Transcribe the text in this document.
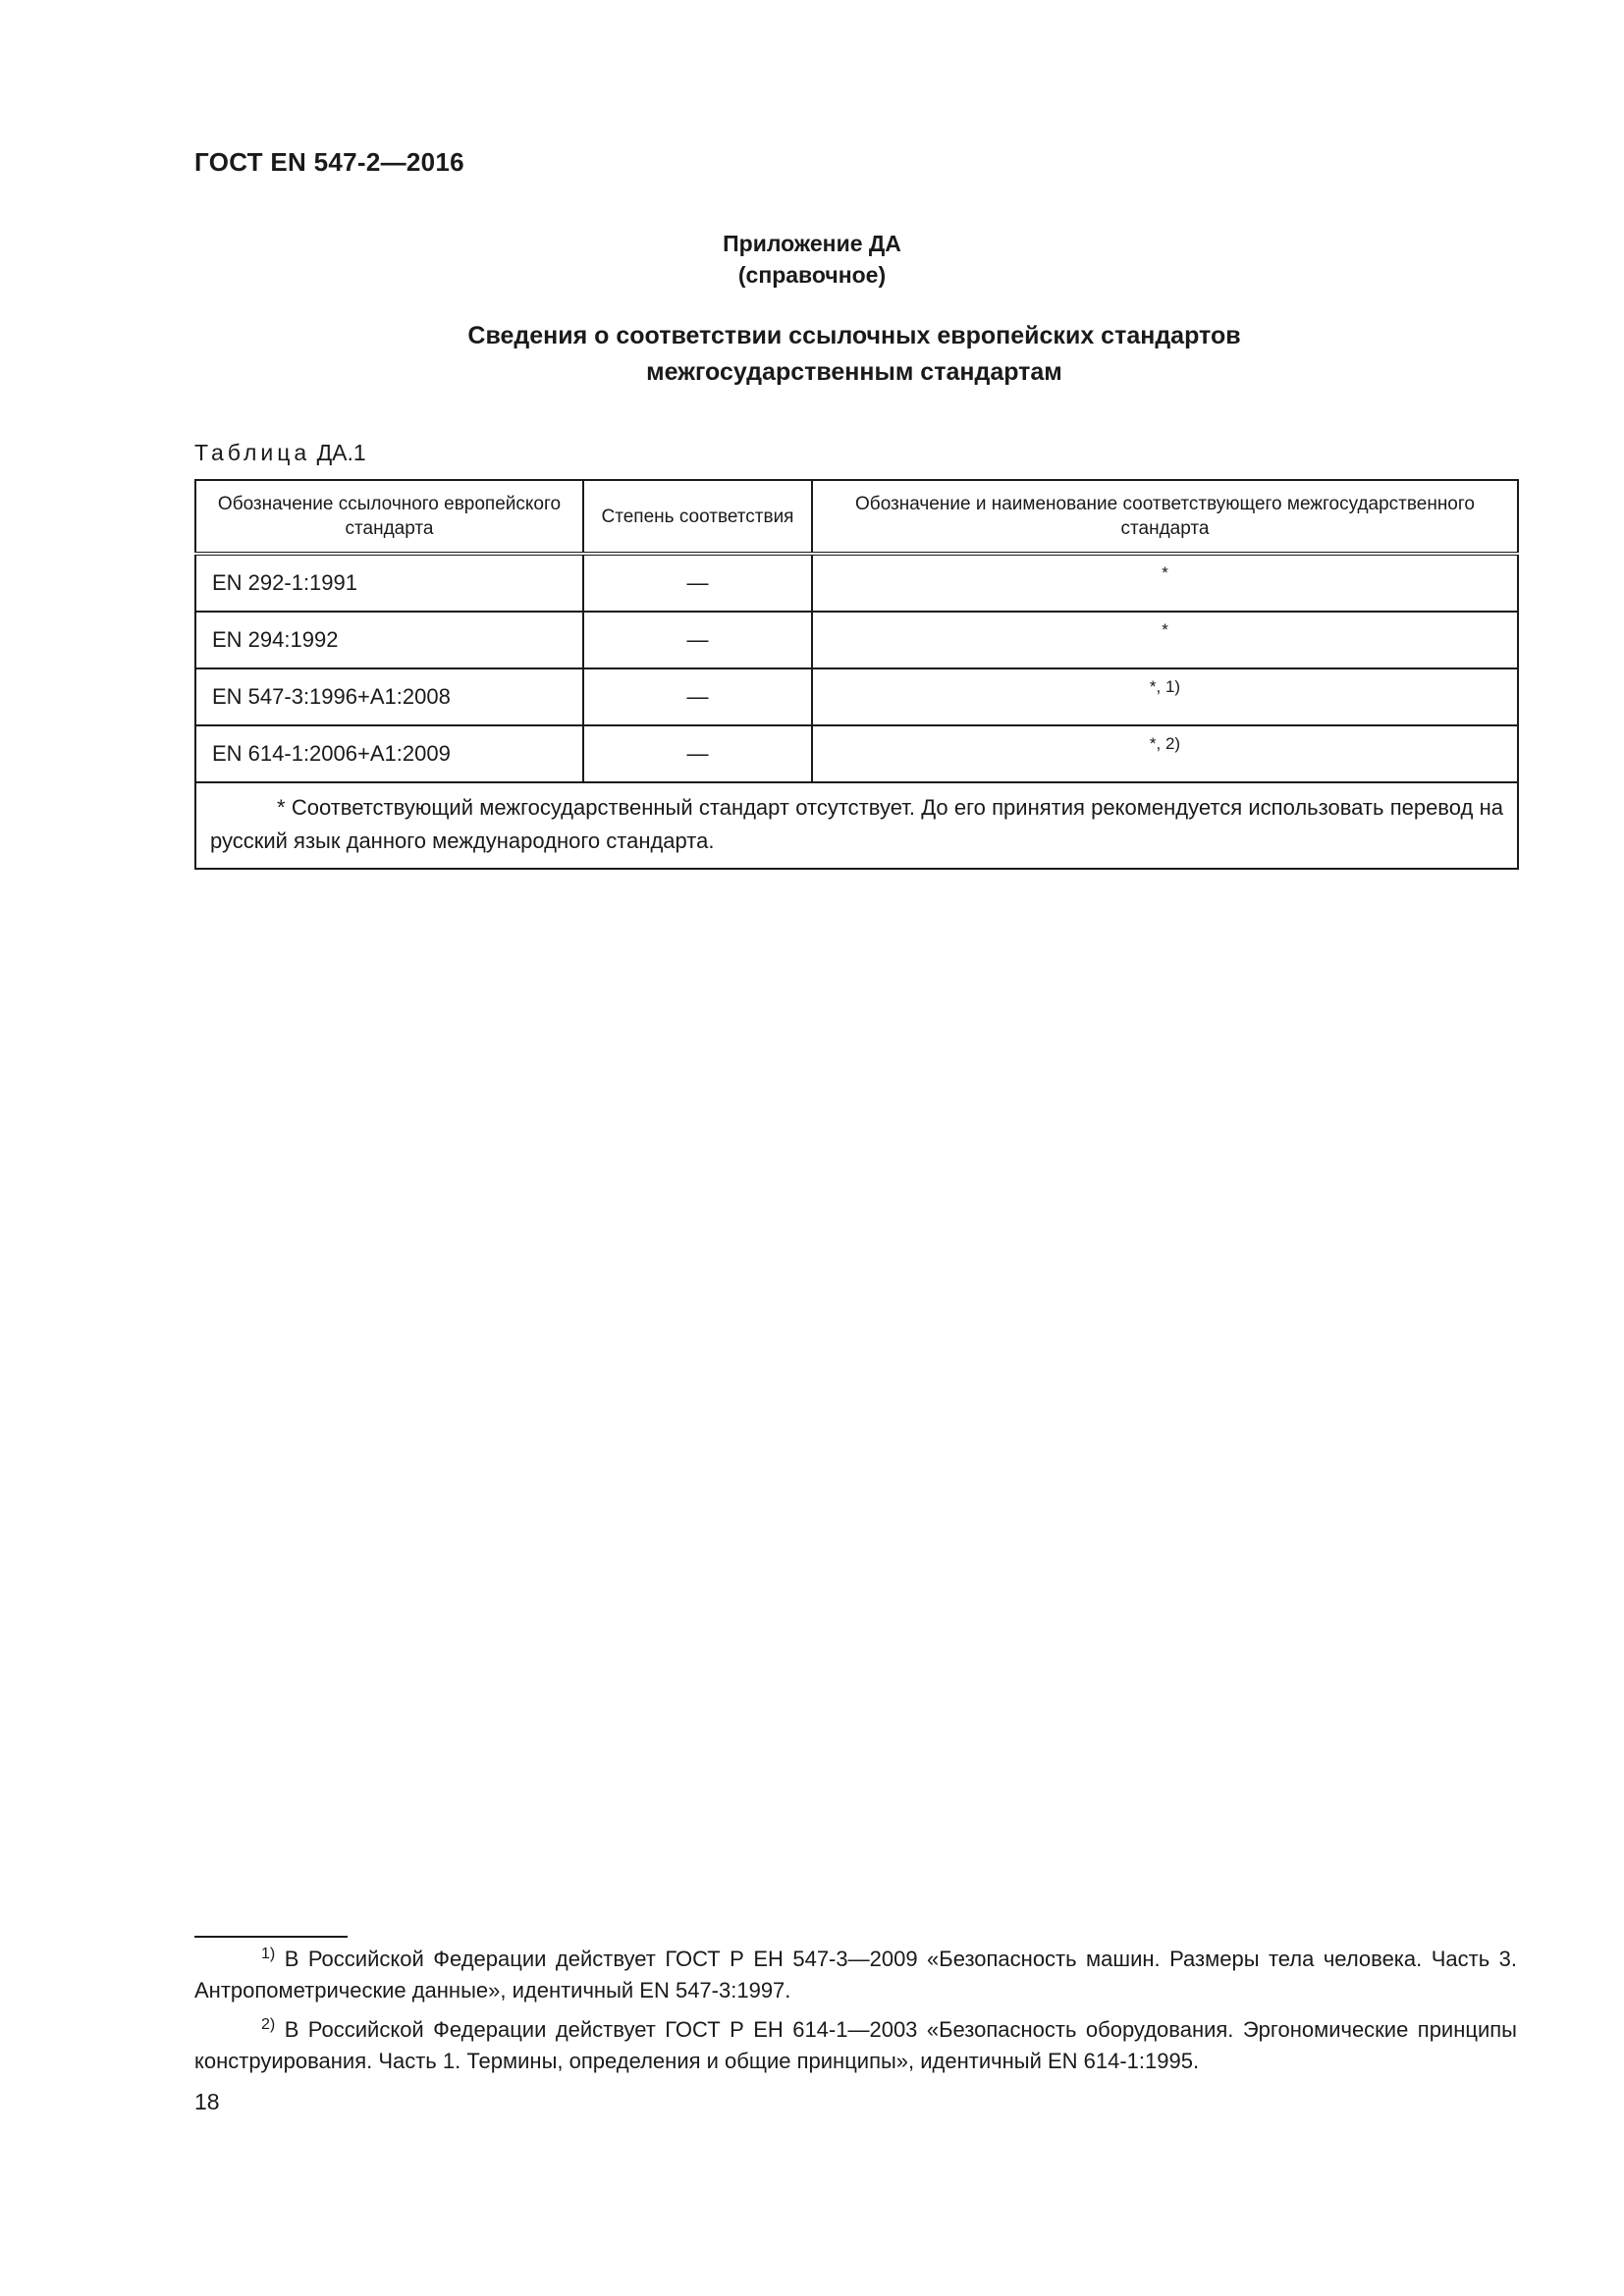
ГОСТ EN 547-2—2016
Приложение ДА
(справочное)
Сведения о соответствии ссылочных европейских стандартов
межгосударственным стандартам
Таблица ДА.1
Обозначение ссылочного европейского стандарта	Степень соответствия	Обозначение и наименование соответствующего межгосударственного стандарта
EN 292-1:1991	—	*
EN 294:1992	—	*
EN 547-3:1996+A1:2008	—	*, 1)
EN 614-1:2006+A1:2009	—	*, 2)
* Соответствующий межгосударственный стандарт отсутствует. До его принятия рекомендуется использовать перевод на русский язык данного международного стандарта.		
$^{1)}$ В Российской Федерации действует ГОСТ Р ЕН 547-3—2009 «Безопасность машин. Размеры тела человека. Часть 3. Антропометрические данные», идентичный EN 547-3:1997.
$^{2)}$ В Российской Федерации действует ГОСТ Р ЕН 614-1—2003 «Безопасность оборудования. Эргономические принципы конструирования. Часть 1. Термины, определения и общие принципы», идентичный EN 614-1:1995.
18
